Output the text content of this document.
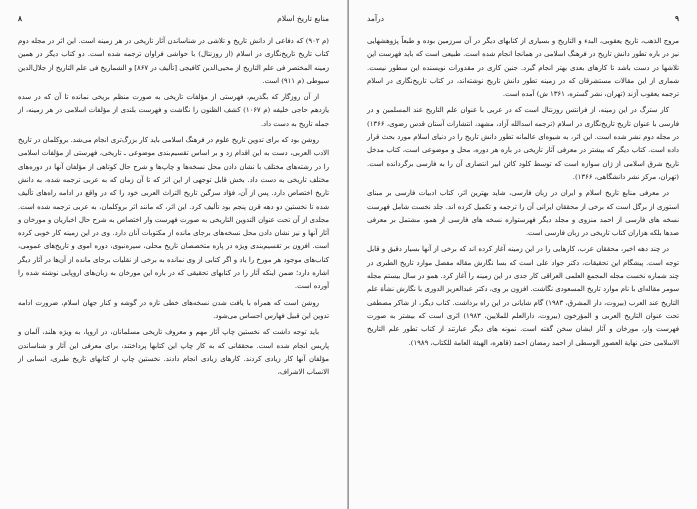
منابع تاریخ اسلام
۸

(م ۹۰۲) که دفاعی از دانش تاریخ و تلاشی در شناساندن آثار تاریخی در هر زمینه است. این اثر در مجله دوم کتاب تاریخ تاریخ‌نگاری در اسلام (از روزنتال) با حواشی فراوان ترجمه شده است. دو کتاب دیگر در همین زمینه المختصر فی علم التاریخ از محیی‌الدین کافیجی [تألیف در ۸۶۷] و الشماریخ فی علم التاریخ از جلال‌الدین سیوطی (م ۹۱۱) است.

از آن روزگار که بگذریم، فهرستی از مؤلفات تاریخی به صورت منظم بریخی نمانده تا آن که در سده یازدهم حاجی خلیفه (م ۱۰۶۷) کشف الظنون را نگاشت و فهرست بلندی از مؤلفات اسلامی در هر زمینه، از جمله تاریخ به دست داد.

روشن بود که برای تدوین تاریخ علوم در فرهنگ اسلامی باید کار بزرگ‌تری انجام می‌شد. بروکلمان در تاریخ الادب العربی، دست به این اقدام زد و بر اساس تقسیم‌بندی موضوعی ـ تاریخی، فهرستی از مؤلفات اسلامی را در رشته‌های مختلف با نشان دادن محل نسخه‌ها و چاپ‌ها و شرح حال کوتاهی از مؤلفان آنها در دوره‌های مختلف تاریخی به دست داد. بخش قابل توجهی از این اثر که تا آن زمان که به عربی ترجمه شده، به دانش تاریخ اختصاص دارد. پس از آن، فؤاد سزگین تاریخ التراث العربی خود را که در واقع در ادامه راه‌های تألیف شده تا نخستین دو دهه قرن پنجم بود تألیف کرد. این اثر، که مانند اثر بروکلمان، به عربی ترجمه شده است. مجلدی از آن تحت عنوان التدوین التاریخی به صورت فهرست وار اختصاص به شرح حال اخباریان و مورخان و آثار آنها و نیز نشان دادن محل نسخه‌های برجای مانده از مکتوبات آنان دارد. وی در این زمینه کار خوبی کرده است. افزون بر تقسیم‌بندی ویژه در پاره متخصصان تاریخ محلی، سیره‌نبوی، دوره اموی و تاریخ‌های عمومی، کتاب‌های موجود هر مورخ را یاد و اگر کتابی از وی نمانده به برخی از نقلیات برجای مانده از آن‌ها در آثار دیگر اشاره دارد؛ ضمن اینکه آثار را در کتابهای تحقیقی که در باره این مورخان به زبان‌های اروپایی نوشته شده را آورده است.

روشن است که همراه با یافت شدن نسخه‌های خطی تازه در گوشه و کنار جهان اسلام، ضرورت ادامه تدوین این قبیل فهارس احساس می‌شود.

باید توجه داشت که نخستین چاپ آثار مهم و معروف تاریخی مسلمانان، در اروپا، به ویژه هلند، آلمان و پاریس انجام شده است. محققانی که به کار چاپ این کتابها پرداختند، برای معرفی این آثار و شناساندن مؤلفان آنها کار زیادی کردند. کارهای زیادی انجام دادند. نخستین چاپ از کتابهای تاریخ طبری، انسابی از الانساب الاشراف،

۹
درآمد

مروج الذهب، تاریخ یعقوبی، البدء و التاریخ و بسیاری از کتابهای دیگر در آن سرزمین بوده و طبعاً پژوهشهایی نیز در باره تطور دانش تاریخ در فرهنگ اسلامی در همانجا انجام شده است. طبیعی است که باید فهرست این تلاشها در دست باشد تا کارهای بعدی بهتر انجام گیرد. جنین کاری در مقدورات نویسنده این سطور نیست. شماری از این مقالات مستشرقان که در زمینه تطور دانش تاریخ نوشته‌اند، در کتاب تاریخ‌نگاری در اسلام ترجمه یعقوب آژند (تهران، نشر گستره، ۱۳۶۱ ش) آمده است.

کار سترگ در این زمینه، از فرانتس روزنتال است که در عربی با عنوان علم التاریخ عند المسلمین و در فارسی با عنوان تاریخ تاریخ‌نگاری در اسلام (ترجمه اسدالله آزاد، مشهد، انتشارات آستان قدس رضوی، ۱۳۶۶) در مجله دوم نشر شده است. این اثر، به شیوه‌ای عالمانه تطور دانش تاریخ را در دنیای اسلام مورد بحث قرار داده است. کتاب دیگر که بیشتر در معرفی آثار تاریخی در باره هر دوره، محل و موضوعی است، کتاب مدخل تاریخ شرق اسلامی از ژان سوازه است که توسط کلود کائن ابیر انتصاری آن را به فارسی برگردانده است. (تهران، مرکز نشر دانشگاهی، ۱۳۶۶).

در معرفی منابع تاریخ اسلام و ایران در زبان فارسی، شاید بهترین اثر، کتاب ادبیات فارسی بر مبنای استوری از برگل است که برخی از محققان ایرانی آن را ترجمه و تکمیل کرده اند. جلد نخست شامل فهرست نسخه های فارسی از احمد منزوی و مجلد دیگر فهرستواره نسخه های فارسی از همو، مشتمل بر معرفی صدها بلکه هزاران کتاب تاریخی در زبان فارسی است.

در چند دهه اخیر، محققان عرب، کارهایی را در این زمینه آغاز کرده اند که برخی از آنها بسیار دقیق و قابل توجه است. پیشگام این تحقیقات، دکتر جواد علی است که بسا نگارش مقاله مفصل موارد تاریخ الطبری در چند شماره نخست مجله المجمع العلمی العراقی کار جدی در این زمینه را آغاز کرد. همو در سال بیستم مجله سومر مقاله‌ای با نام موارد تاریخ المسعودی نگاشت. افزون بر وی، دکتر عبدالعزیز الدوری با نگارش نشأة علم التاریخ عند العرب (بیروت، دار المشرق، ۱۹۸۳) گام شایانی در این راه برداشت. کتاب دیگر، از شاکر مصطفی تحت عنوان التاریخ العربی و المؤرخون (بیروت، دارالعلم للملایین، ۱۹۸۳) اثری است که بیشتر به صورت فهرست وار، مورخان و آثار ایشان سخن گفته است. نمونه های دیگر عبارتند از کتاب تطور علم التاریخ الاسلامی حتی نهایة العصور الوسطی از احمد رمضان احمد (قاهره، الهیئة العامة للکتاب، ۱۹۸۹).
